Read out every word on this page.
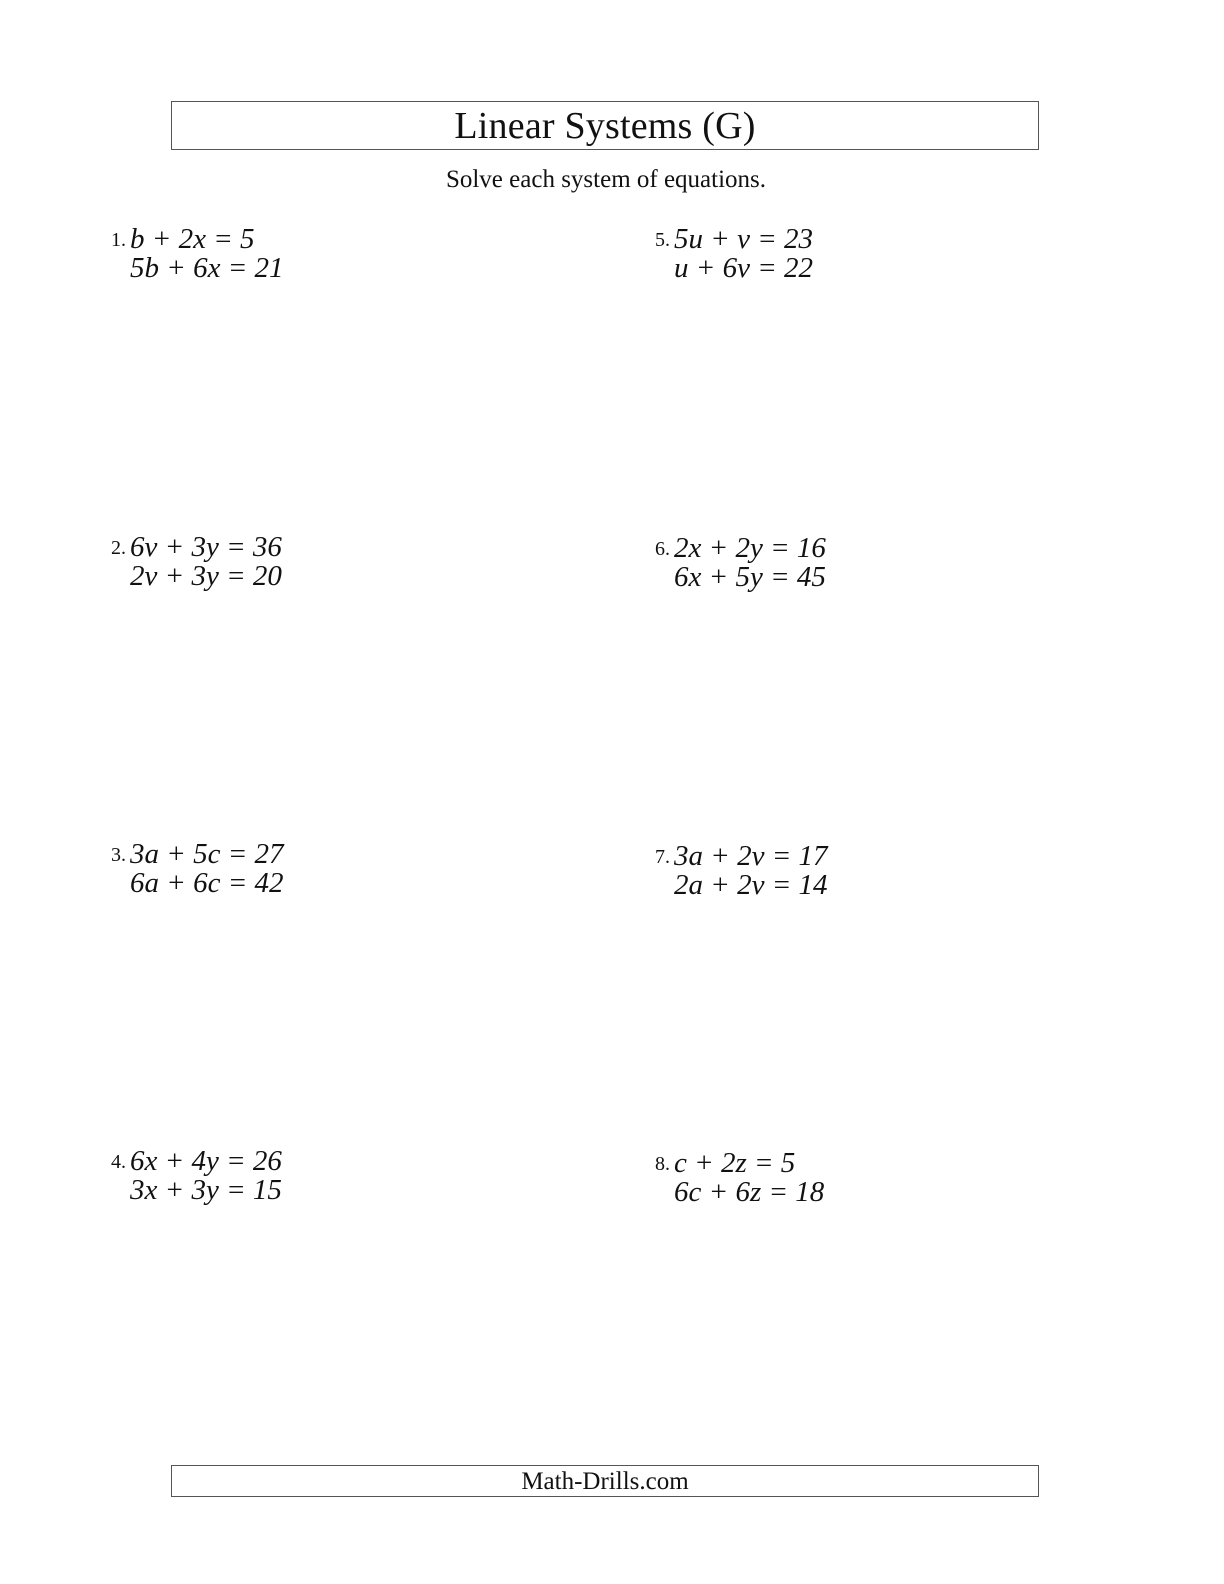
Linear Systems (G)
Solve each system of equations.
1. b + 2x = 5
5b + 6x = 21
2. 6v + 3y = 36
2v + 3y = 20
3. 3a + 5c = 27
6a + 6c = 42
4. 6x + 4y = 26
3x + 3y = 15
5. 5u + v = 23
u + 6v = 22
6. 2x + 2y = 16
6x + 5y = 45
7. 3a + 2v = 17
2a + 2v = 14
8. c + 2z = 5
6c + 6z = 18
Math-Drills.com
